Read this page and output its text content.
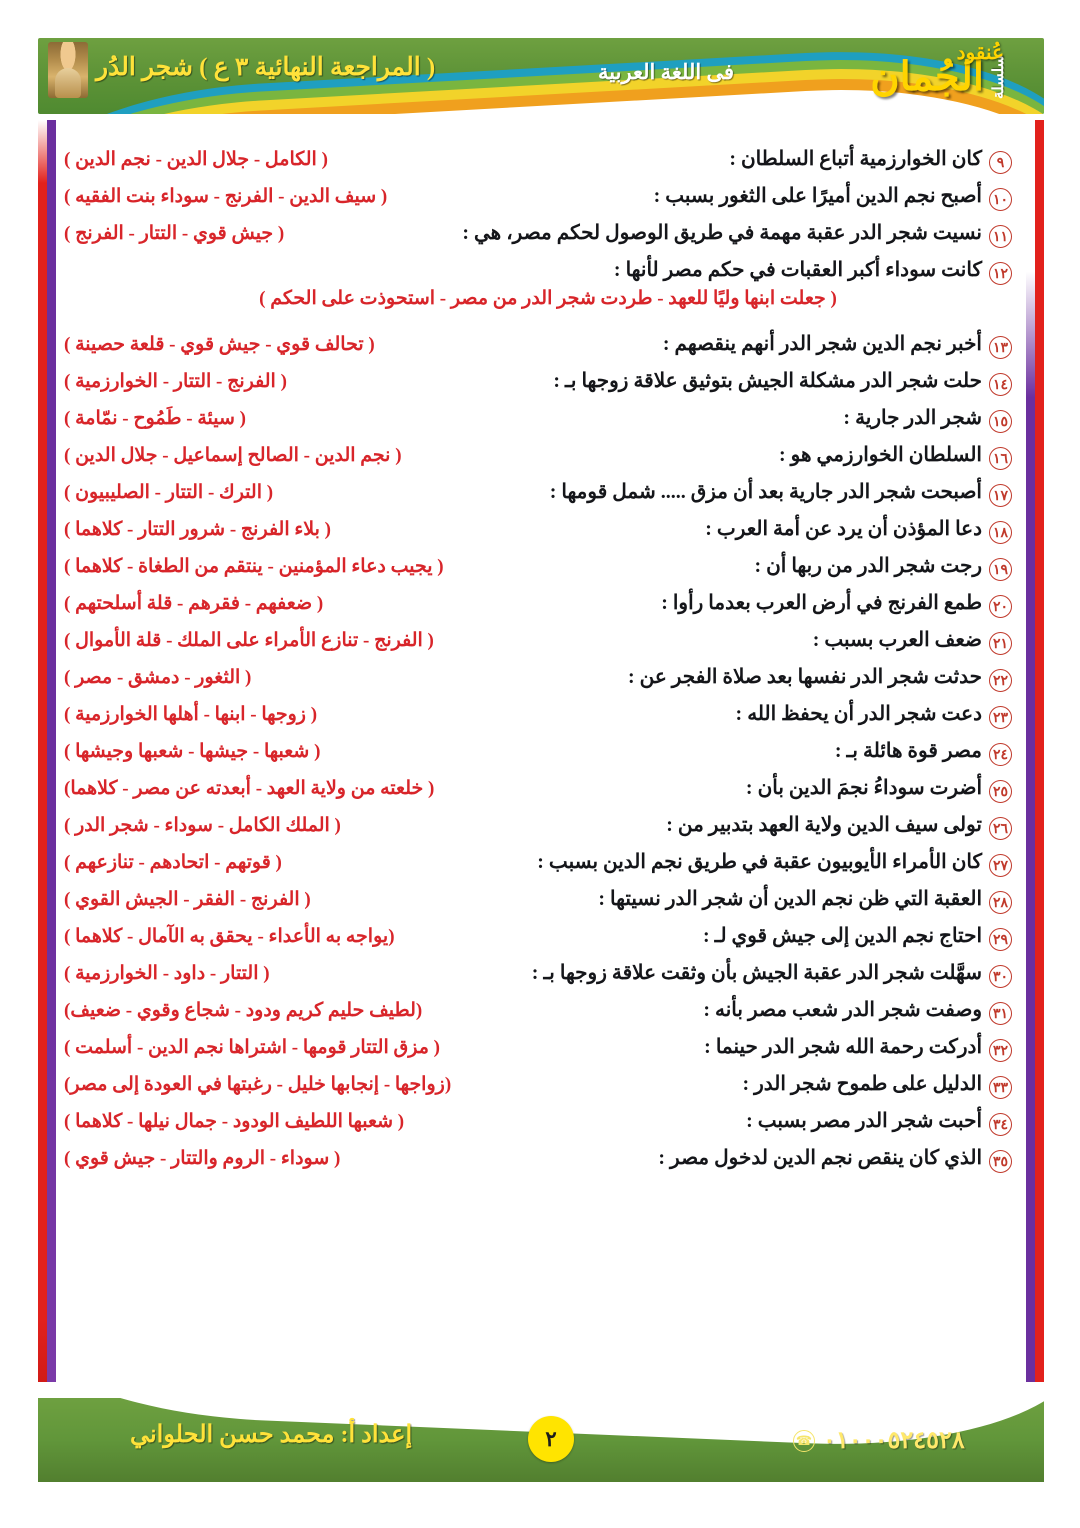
( المراجعة النهائية ٣ ع ) شجر الدُر	فى اللغة العربية	سلسلة
الجُمان
عُنقود
٩
كان الخوارزمية أتباع السلطان :
( الكامل - جلال الدين - نجم الدين )
١٠
أصبح نجم الدين أميرًا على الثغور بسبب :
( سيف الدين - الفرنج - سوداء بنت الفقيه )
١١
نسيت شجر الدر عقبة مهمة في طريق الوصول لحكم مصر، هي :
( جيش قوي - التتار - الفرنج )
١٢
كانت سوداء أكبر العقبات في حكم مصر لأنها :
( جعلت ابنها وليًا للعهد - طردت شجر الدر من مصر - استحوذت على الحكم )
١٣
أخبر نجم الدين شجر الدر أنهم ينقصهم :
( تحالف قوي - جيش قوي - قلعة حصينة )
١٤
حلت شجر الدر مشكلة الجيش بتوثيق علاقة زوجها بـ :
( الفرنج - التتار - الخوارزمية )
١٥
شجر الدر جارية :
( سيئة - طَمُوح - نمّامة )
١٦
السلطان الخوارزمي هو :
( نجم الدين - الصالح إسماعيل - جلال الدين )
١٧
أصبحت شجر الدر جارية بعد أن مزق ..... شمل قومها :
( الترك - التتار - الصليبيون )
١٨
دعا المؤذن أن يرد عن أمة العرب :
( بلاء الفرنج - شرور التتار - كلاهما )
١٩
رجت شجر الدر من ربها أن :
( يجيب دعاء المؤمنين - ينتقم من الطغاة - كلاهما )
٢٠
طمع الفرنج في أرض العرب بعدما رأوا :
( ضعفهم - فقرهم - قلة أسلحتهم )
٢١
ضعف العرب بسبب :
( الفرنج - تنازع الأمراء على الملك - قلة الأموال )
٢٢
حدثت شجر الدر نفسها بعد صلاة الفجر عن :
( الثغور - دمشق - مصر )
٢٣
دعت شجر الدر أن يحفظ الله :
( زوجها - ابنها - أهلها الخوارزمية )
٢٤
مصر قوة هائلة بـ :
( شعبها - جيشها - شعبها وجيشها )
٢٥
أضرت سوداءُ نجمَ الدين بأن :
( خلعته من ولاية العهد - أبعدته عن مصر - كلاهما)
٢٦
تولى سيف الدين ولاية العهد بتدبير من :
( الملك الكامل - سوداء - شجر الدر )
٢٧
كان الأمراء الأيوبيون عقبة في طريق نجم الدين بسبب :
( قوتهم - اتحادهم - تنازعهم )
٢٨
العقبة التي ظن نجم الدين أن شجر الدر نسيتها :
( الفرنج - الفقر - الجيش القوي )
٢٩
احتاج نجم الدين إلى جيش قوي لـ :
(يواجه به الأعداء - يحقق به الآمال - كلاهما )
٣٠
سهَّلت شجر الدر عقبة الجيش بأن وثقت علاقة زوجها بـ :
( التتار - داود - الخوارزمية )
٣١
وصفت شجر الدر شعب مصر بأنه :
(لطيف حليم كريم ودود - شجاع وقوي - ضعيف)
٣٢
أدركت رحمة الله شجر الدر حينما :
( مزق التتار قومها - اشتراها نجم الدين - أسلمت )
٣٣
الدليل على طموح شجر الدر :
(زواجها - إنجابها خليل - رغبتها في العودة إلى مصر)
٣٤
أحبت شجر الدر مصر بسبب :
( شعبها اللطيف الودود - جمال نيلها - كلاهما )
٣٥
الذي كان ينقص نجم الدين لدخول مصر :
( سوداء - الروم والتتار - جيش قوي )
إعداد أ: محمد حسن الحلواني	٢	☎ ٠١٠٠٠٥٢٤٥٢٨
